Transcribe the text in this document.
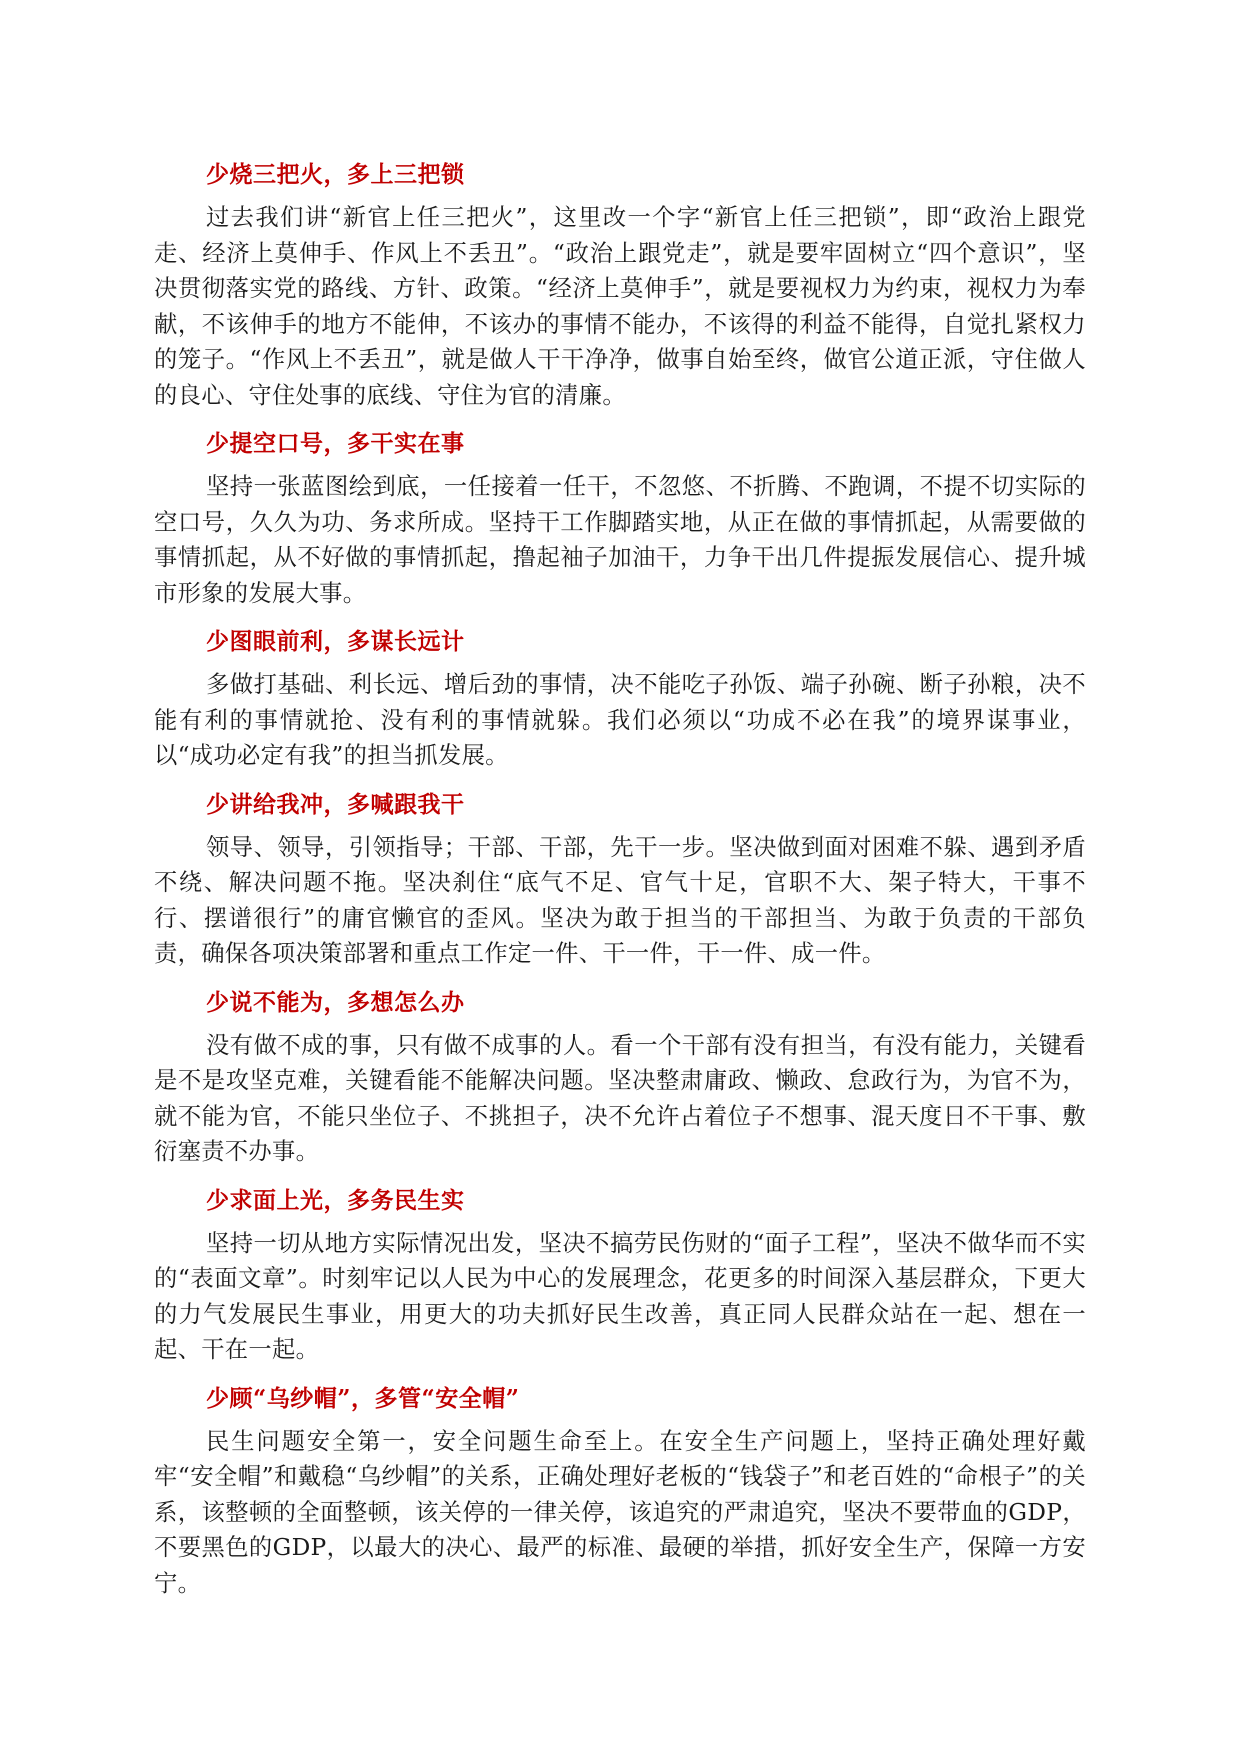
少烧三把火，多上三把锁

过去我们讲“新官上任三把火”，这里改一个字“新官上任三把锁”，即“政治上跟党走、经济上莫伸手、作风上不丢丑”。“政治上跟党走”，就是要牢固树立“四个意识”，坚决贯彻落实党的路线、方针、政策。“经济上莫伸手”，就是要视权力为约束，视权力为奉献，不该伸手的地方不能伸，不该办的事情不能办，不该得的利益不能得，自觉扎紧权力的笼子。“作风上不丢丑”，就是做人干干净净，做事自始至终，做官公道正派，守住做人的良心、守住处事的底线、守住为官的清廉。

少提空口号，多干实在事

坚持一张蓝图绘到底，一任接着一任干，不忽悠、不折腾、不跑调，不提不切实际的空口号，久久为功、务求所成。坚持干工作脚踏实地，从正在做的事情抓起，从需要做的事情抓起，从不好做的事情抓起，撸起袖子加油干，力争干出几件提振发展信心、提升城市形象的发展大事。

少图眼前利，多谋长远计

多做打基础、利长远、增后劲的事情，决不能吃子孙饭、端子孙碗、断子孙粮，决不能有利的事情就抢、没有利的事情就躲。我们必须以“功成不必在我”的境界谋事业，以“成功必定有我”的担当抓发展。

少讲给我冲，多喊跟我干

领导、领导，引领指导；干部、干部，先干一步。坚决做到面对困难不躲、遇到矛盾不绕、解决问题不拖。坚决刹住“底气不足、官气十足，官职不大、架子特大，干事不行、摆谱很行”的庸官懒官的歪风。坚决为敢于担当的干部担当、为敢于负责的干部负责，确保各项决策部署和重点工作定一件、干一件，干一件、成一件。

少说不能为，多想怎么办

没有做不成的事，只有做不成事的人。看一个干部有没有担当，有没有能力，关键看是不是攻坚克难，关键看能不能解决问题。坚决整肃庸政、懒政、怠政行为，为官不为，就不能为官，不能只坐位子、不挑担子，决不允许占着位子不想事、混天度日不干事、敷衍塞责不办事。

少求面上光，多务民生实

坚持一切从地方实际情况出发，坚决不搞劳民伤财的“面子工程”，坚决不做华而不实的“表面文章”。时刻牢记以人民为中心的发展理念，花更多的时间深入基层群众，下更大的力气发展民生事业，用更大的功夫抓好民生改善，真正同人民群众站在一起、想在一起、干在一起。

少顾“乌纱帽”，多管“安全帽”

民生问题安全第一，安全问题生命至上。在安全生产问题上，坚持正确处理好戴牢“安全帽”和戴稳“乌纱帽”的关系，正确处理好老板的“钱袋子”和老百姓的“命根子”的关系，该整顿的全面整顿，该关停的一律关停，该追究的严肃追究，坚决不要带血的GDP，不要黑色的GDP，以最大的决心、最严的标准、最硬的举措，抓好安全生产，保障一方安宁。
